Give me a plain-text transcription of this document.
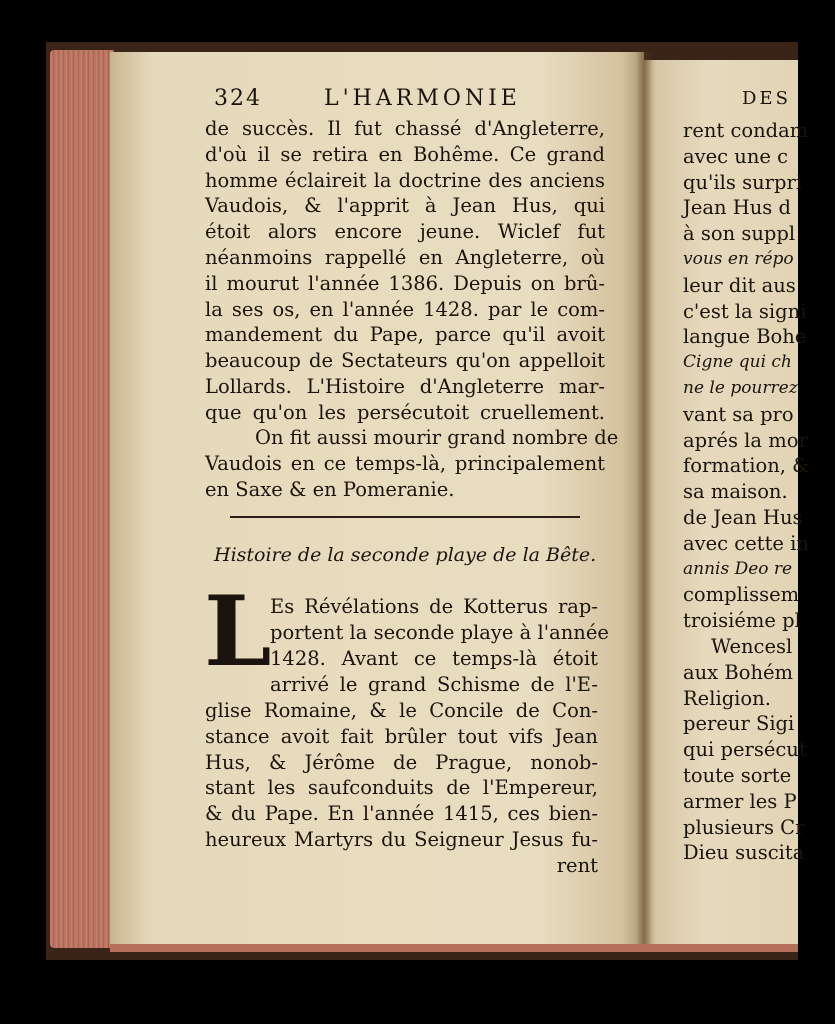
324	L'HARMONIE
de succès. Il fut chassé d'Angleterre,
d'où il se retira en Bohême. Ce grand
homme éclaireit la doctrine des anciens
Vaudois, & l'apprit à Jean Hus, qui
étoit alors encore jeune. Wiclef fut
néanmoins rappellé en Angleterre, où
il mourut l'année 1386. Depuis on brû-
la ses os, en l'année 1428. par le com-
mandement du Pape, parce qu'il avoit
beaucoup de Sectateurs qu'on appelloit
Lollards. L'Histoire d'Angleterre mar-
que qu'on les persécutoit cruellement.
On fit aussi mourir grand nombre de
Vaudois en ce temps-là, principalement
en Saxe & en Pomeranie.
Histoire de la seconde playe de la Bête.
L
Es Révélations de Kotterus rap-
portent la seconde playe à l'année
1428. Avant ce temps-là étoit
arrivé le grand Schisme de l'E-
glise Romaine, & le Concile de Con-
stance avoit fait brûler tout vifs Jean
Hus, & Jérôme de Prague, nonob-
stant les saufconduits de l'Empereur,
& du Pape. En l'année 1415, ces bien-
heureux Martyrs du Seigneur Jesus fu-
rent
DES
rent condam
avec une c
qu'ils surpri
Jean Hus d
à son suppl
vous en répo
leur dit aus
c'est la signi
langue Bohe
Cigne qui ch
ne le pourrez
vant sa pro
aprés la mor
formation, &
sa maison.
de Jean Hus
avec cette in
annis Deo re
complissem
troisiéme pl
Wencesl
aux Bohém
Religion.
pereur Sigi
qui persécut
toute sorte
armer les P
plusieurs Cr
Dieu suscita
